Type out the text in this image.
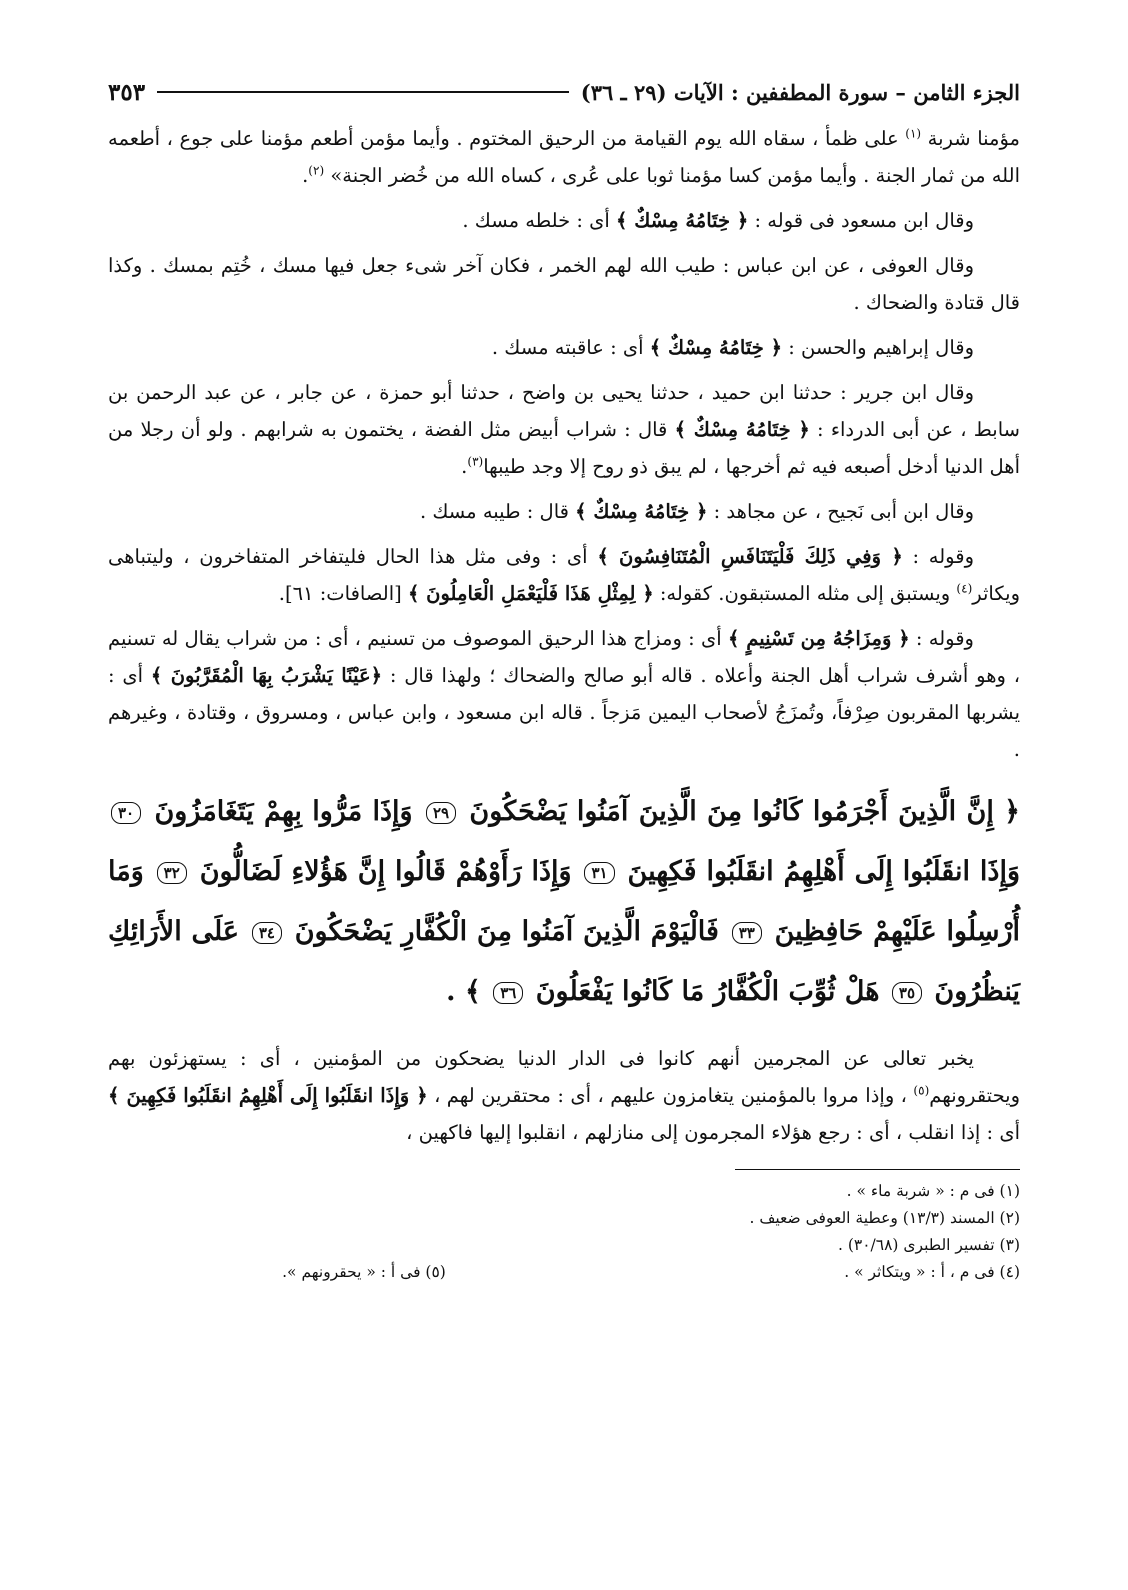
الجزء الثامن – سورة المطففين : الآيات (٢٩ ـ ٣٦)
٣٥٣

مؤمنا شربة $^{(١)}$ على ظمأ ، سقاه الله يوم القيامة من الرحيق المختوم . وأيما مؤمن أطعم مؤمنا على جوع ، أطعمه الله من ثمار الجنة . وأيما مؤمن كسا مؤمنا ثوبا على عُرى ، كساه الله من خُضر الجنة» $^{(٢)}$.

وقال ابن مسعود فى قوله : ﴿ خِتَامُهُ مِسْكٌ ﴾ أى : خلطه مسك .

وقال العوفى ، عن ابن عباس : طيب الله لهم الخمر ، فكان آخر شىء جعل فيها مسك ، خُتِم بمسك . وكذا قال قتادة والضحاك .

وقال إبراهيم والحسن : ﴿ خِتَامُهُ مِسْكٌ ﴾ أى : عاقبته مسك .

وقال ابن جرير : حدثنا ابن حميد ، حدثنا يحيى بن واضح ، حدثنا أبو حمزة ، عن جابر ، عن عبد الرحمن بن سابط ، عن أبى الدرداء : ﴿ خِتَامُهُ مِسْكٌ ﴾ قال : شراب أبيض مثل الفضة ، يختمون به شرابهم . ولو أن رجلا من أهل الدنيا أدخل أصبعه فيه ثم أخرجها ، لم يبق ذو روح إلا وجد طيبها$^{(٣)}$.

وقال ابن أبى نَجيح ، عن مجاهد : ﴿ خِتَامُهُ مِسْكٌ ﴾ قال : طيبه مسك .

وقوله : ﴿ وَفِي ذَلِكَ فَلْيَتَنَافَسِ الْمُتَنَافِسُونَ ﴾ أى : وفى مثل هذا الحال فليتفاخر المتفاخرون ، وليتباهى ويكاثر$^{(٤)}$ ويستبق إلى مثله المستبقون. كقوله: ﴿ لِمِثْلِ هَذَا فَلْيَعْمَلِ الْعَامِلُونَ ﴾ [الصافات: ٦١].

وقوله : ﴿ وَمِزَاجُهُ مِن تَسْنِيمٍ ﴾ أى : ومزاج هذا الرحيق الموصوف من تسنيم ، أى : من شراب يقال له تسنيم ، وهو أشرف شراب أهل الجنة وأعلاه . قاله أبو صالح والضحاك ؛ ولهذا قال : ﴿عَيْنًا يَشْرَبُ بِهَا الْمُقَرَّبُونَ ﴾ أى : يشربها المقربون صِرْفاً، وتُمزَجُ لأصحاب اليمين مَزجاً . قاله ابن مسعود ، وابن عباس ، ومسروق ، وقتادة ، وغيرهم .

﴿ إِنَّ الَّذِينَ أَجْرَمُوا كَانُوا مِنَ الَّذِينَ آمَنُوا يَضْحَكُونَ ٢٩ وَإِذَا مَرُّوا بِهِمْ يَتَغَامَزُونَ ٣٠ وَإِذَا انقَلَبُوا إِلَى أَهْلِهِمُ انقَلَبُوا فَكِهِينَ ٣١ وَإِذَا رَأَوْهُمْ قَالُوا إِنَّ هَؤُلاءِ لَضَالُّونَ ٣٢ وَمَا أُرْسِلُوا عَلَيْهِمْ حَافِظِينَ ٣٣ فَالْيَوْمَ الَّذِينَ آمَنُوا مِنَ الْكُفَّارِ يَضْحَكُونَ ٣٤ عَلَى الأَرَائِكِ يَنظُرُونَ ٣٥ هَلْ ثُوِّبَ الْكُفَّارُ مَا كَانُوا يَفْعَلُونَ ٣٦ ﴾ .

يخبر تعالى عن المجرمين أنهم كانوا فى الدار الدنيا يضحكون من المؤمنين ، أى : يستهزئون بهم ويحتقرونهم$^{(٥)}$ ، وإذا مروا بالمؤمنين يتغامزون عليهم ، أى : محتقرين لهم ، ﴿ وَإِذَا انقَلَبُوا إِلَى أَهْلِهِمُ انقَلَبُوا فَكِهِينَ ﴾ أى : إذا انقلب ، أى : رجع هؤلاء المجرمون إلى منازلهم ، انقلبوا إليها فاكهين ،

(١) فى م : « شربة ماء » .
(٢) المسند (١٣/٣) وعطية العوفى ضعيف .
(٣) تفسير الطبرى (٣٠/٦٨) .
(٤) فى م ، أ : « ويتكاثر » .
(٥) فى أ : « يحقرونهم ».
